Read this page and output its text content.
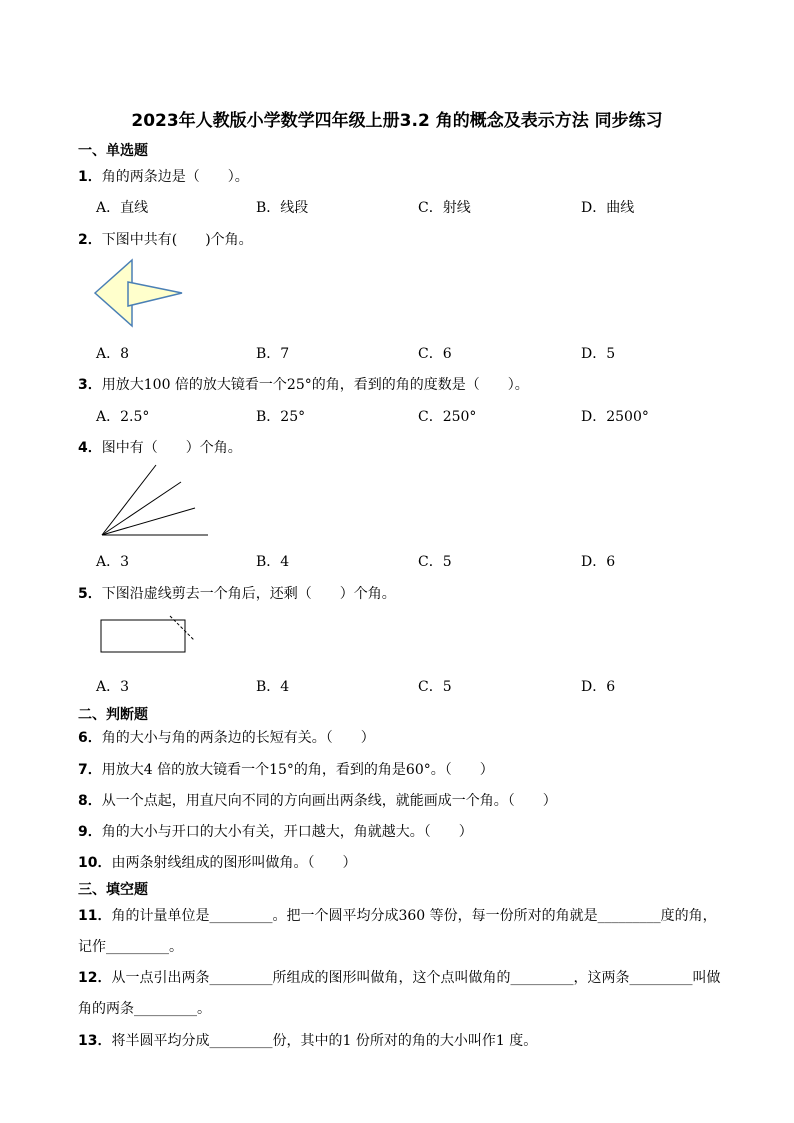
2023年人教版小学数学四年级上册3.2 角的概念及表示方法 同步练习
一、单选题
1．角的两条边是（　　）。
A．直线	B．线段	C．射线	D．曲线
2．下图中共有(　　)个角。
A．8	B．7	C．6	D．5
3．用放大100 倍的放大镜看一个25°的角，看到的角的度数是（　　）。
A．2.5°	B．25°	C．250°	D．2500°
4．图中有（　　）个角。
A．3	B．4	C．5	D．6
5．下图沿虚线剪去一个角后，还剩（　　）个角。
A．3	B．4	C．5	D．6
二、判断题
6．角的大小与角的两条边的长短有关。（　　）
7．用放大4 倍的放大镜看一个15°的角，看到的角是60°。（　　）
8．从一个点起，用直尺向不同的方向画出两条线，就能画成一个角。（　　）
9．角的大小与开口的大小有关，开口越大，角就越大。（　　）
10．由两条射线组成的图形叫做角。（　　）
三、填空题
11．角的计量单位是_________。把一个圆平均分成360 等份，每一份所对的角就是_________度的角，
记作_________。
12．从一点引出两条_________所组成的图形叫做角，这个点叫做角的_________，这两条_________叫做
角的两条_________。
13．将半圆平均分成_________份，其中的1 份所对的角的大小叫作1 度。
